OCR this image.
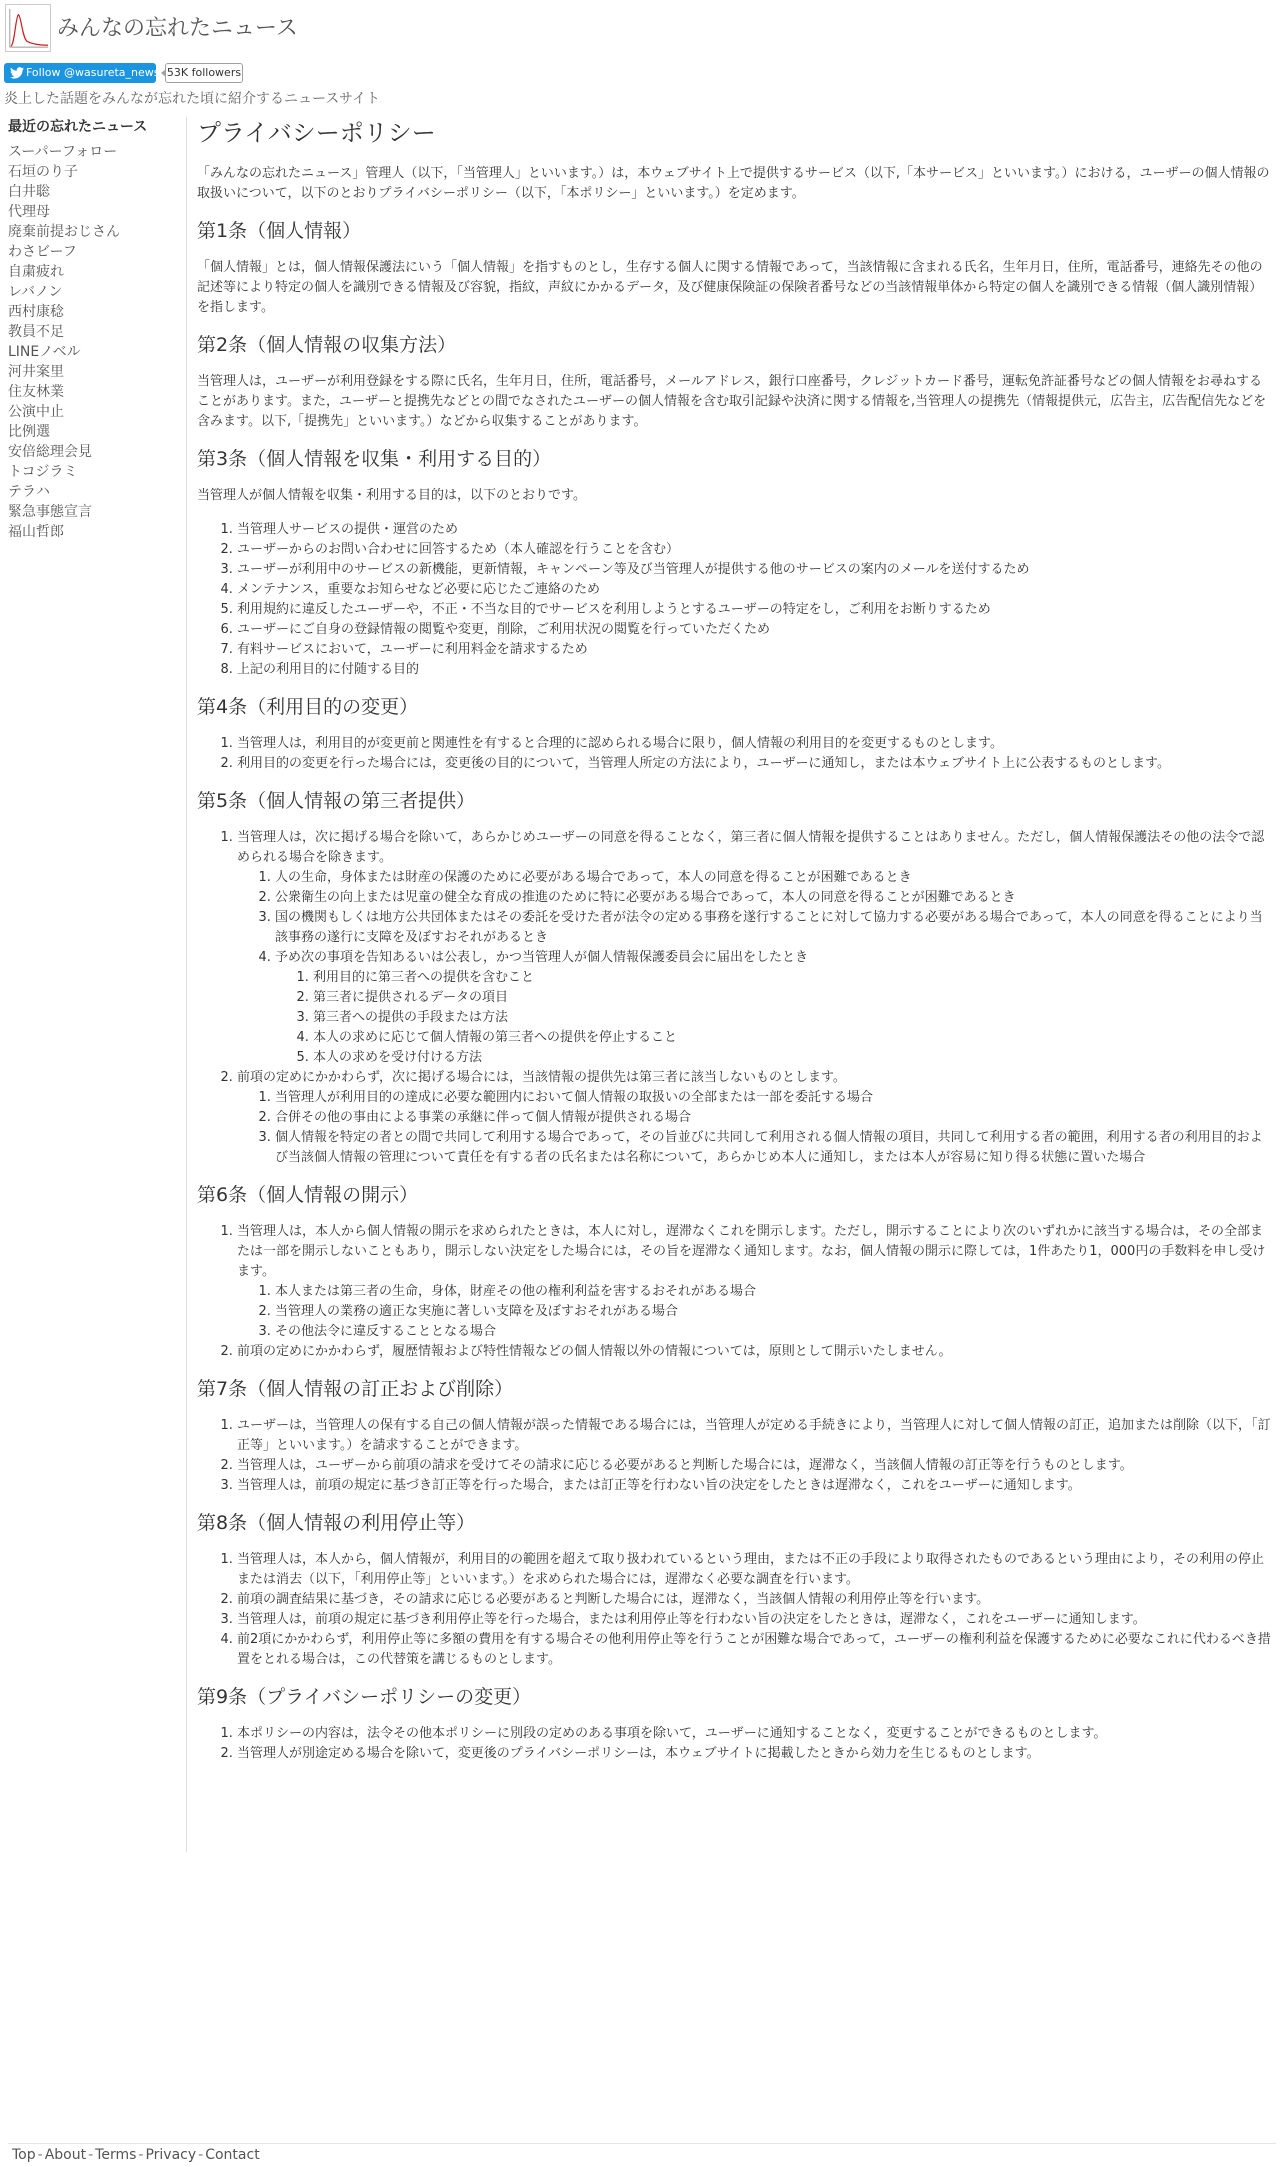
みんなの忘れたニュース
Follow @wasureta_news 53K followers
炎上した話題をみんなが忘れた頃に紹介するニュースサイト
最近の忘れたニュース
スーパーフォロー
石垣のり子
白井聡
代理母
廃棄前提おじさん
わさビーフ
自粛疲れ
レバノン
西村康稔
教員不足
LINEノベル
河井案里
住友林業
公演中止
比例選
安倍総理会見
トコジラミ
テラハ
緊急事態宣言
福山哲郎
プライバシーポリシー

「みんなの忘れたニュース」管理人（以下，「当管理人」といいます。）は，本ウェブサイト上で提供するサービス（以下,「本サービス」といいます。）における，ユーザーの個人情報の取扱いについて，以下のとおりプライバシーポリシー（以下，「本ポリシー」といいます。）を定めます。

第1条（個人情報）

「個人情報」とは，個人情報保護法にいう「個人情報」を指すものとし，生存する個人に関する情報であって，当該情報に含まれる氏名，生年月日，住所，電話番号，連絡先その他の記述等により特定の個人を識別できる情報及び容貌，指紋，声紋にかかるデータ，及び健康保険証の保険者番号などの当該情報単体から特定の個人を識別できる情報（個人識別情報）を指します。

第2条（個人情報の収集方法）

当管理人は，ユーザーが利用登録をする際に氏名，生年月日，住所，電話番号，メールアドレス，銀行口座番号，クレジットカード番号，運転免許証番号などの個人情報をお尋ねすることがあります。また，ユーザーと提携先などとの間でなされたユーザーの個人情報を含む取引記録や決済に関する情報を,当管理人の提携先（情報提供元，広告主，広告配信先などを含みます。以下,「提携先」といいます。）などから収集することがあります。

第3条（個人情報を収集・利用する目的）

当管理人が個人情報を収集・利用する目的は，以下のとおりです。

1. 当管理人サービスの提供・運営のため
2. ユーザーからのお問い合わせに回答するため（本人確認を行うことを含む）
3. ユーザーが利用中のサービスの新機能，更新情報，キャンペーン等及び当管理人が提供する他のサービスの案内のメールを送付するため
4. メンテナンス，重要なお知らせなど必要に応じたご連絡のため
5. 利用規約に違反したユーザーや，不正・不当な目的でサービスを利用しようとするユーザーの特定をし，ご利用をお断りするため
6. ユーザーにご自身の登録情報の閲覧や変更，削除，ご利用状況の閲覧を行っていただくため
7. 有料サービスにおいて，ユーザーに利用料金を請求するため
8. 上記の利用目的に付随する目的
第4条（利用目的の変更）
1. 当管理人は，利用目的が変更前と関連性を有すると合理的に認められる場合に限り，個人情報の利用目的を変更するものとします。
2. 利用目的の変更を行った場合には，変更後の目的について，当管理人所定の方法により，ユーザーに通知し，または本ウェブサイト上に公表するものとします。
第5条（個人情報の第三者提供）
1. 当管理人は，次に掲げる場合を除いて，あらかじめユーザーの同意を得ることなく，第三者に個人情報を提供することはありません。ただし，個人情報保護法その他の法令で認められる場合を除きます。
1. 人の生命，身体または財産の保護のために必要がある場合であって，本人の同意を得ることが困難であるとき
2. 公衆衛生の向上または児童の健全な育成の推進のために特に必要がある場合であって，本人の同意を得ることが困難であるとき
3. 国の機関もしくは地方公共団体またはその委託を受けた者が法令の定める事務を遂行することに対して協力する必要がある場合であって，本人の同意を得ることにより当該事務の遂行に支障を及ぼすおそれがあるとき
4. 予め次の事項を告知あるいは公表し，かつ当管理人が個人情報保護委員会に届出をしたとき
1. 利用目的に第三者への提供を含むこと
2. 第三者に提供されるデータの項目
3. 第三者への提供の手段または方法
4. 本人の求めに応じて個人情報の第三者への提供を停止すること
5. 本人の求めを受け付ける方法
2. 前項の定めにかかわらず，次に掲げる場合には，当該情報の提供先は第三者に該当しないものとします。
1. 当管理人が利用目的の達成に必要な範囲内において個人情報の取扱いの全部または一部を委託する場合
2. 合併その他の事由による事業の承継に伴って個人情報が提供される場合
3. 個人情報を特定の者との間で共同して利用する場合であって，その旨並びに共同して利用される個人情報の項目，共同して利用する者の範囲，利用する者の利用目的および当該個人情報の管理について責任を有する者の氏名または名称について，あらかじめ本人に通知し，または本人が容易に知り得る状態に置いた場合
第6条（個人情報の開示）
1. 当管理人は，本人から個人情報の開示を求められたときは，本人に対し，遅滞なくこれを開示します。ただし，開示することにより次のいずれかに該当する場合は，その全部または一部を開示しないこともあり，開示しない決定をした場合には，その旨を遅滞なく通知します。なお，個人情報の開示に際しては，1件あたり1，000円の手数料を申し受けます。
1. 本人または第三者の生命，身体，財産その他の権利利益を害するおそれがある場合
2. 当管理人の業務の適正な実施に著しい支障を及ぼすおそれがある場合
3. その他法令に違反することとなる場合
2. 前項の定めにかかわらず，履歴情報および特性情報などの個人情報以外の情報については，原則として開示いたしません。
第7条（個人情報の訂正および削除）
1. ユーザーは，当管理人の保有する自己の個人情報が誤った情報である場合には，当管理人が定める手続きにより，当管理人に対して個人情報の訂正，追加または削除（以下，「訂正等」といいます。）を請求することができます。
2. 当管理人は，ユーザーから前項の請求を受けてその請求に応じる必要があると判断した場合には，遅滞なく，当該個人情報の訂正等を行うものとします。
3. 当管理人は，前項の規定に基づき訂正等を行った場合，または訂正等を行わない旨の決定をしたときは遅滞なく，これをユーザーに通知します。
第8条（個人情報の利用停止等）
1. 当管理人は，本人から，個人情報が，利用目的の範囲を超えて取り扱われているという理由，または不正の手段により取得されたものであるという理由により，その利用の停止または消去（以下，「利用停止等」といいます。）を求められた場合には，遅滞なく必要な調査を行います。
2. 前項の調査結果に基づき，その請求に応じる必要があると判断した場合には，遅滞なく，当該個人情報の利用停止等を行います。
3. 当管理人は，前項の規定に基づき利用停止等を行った場合，または利用停止等を行わない旨の決定をしたときは，遅滞なく，これをユーザーに通知します。
4. 前2項にかかわらず，利用停止等に多額の費用を有する場合その他利用停止等を行うことが困難な場合であって，ユーザーの権利利益を保護するために必要なこれに代わるべき措置をとれる場合は，この代替策を講じるものとします。
第9条（プライバシーポリシーの変更）
1. 本ポリシーの内容は，法令その他本ポリシーに別段の定めのある事項を除いて，ユーザーに通知することなく，変更することができるものとします。
2. 当管理人が別途定める場合を除いて，変更後のプライバシーポリシーは，本ウェブサイトに掲載したときから効力を生じるものとします。
Top - About - Terms - Privacy - Contact
